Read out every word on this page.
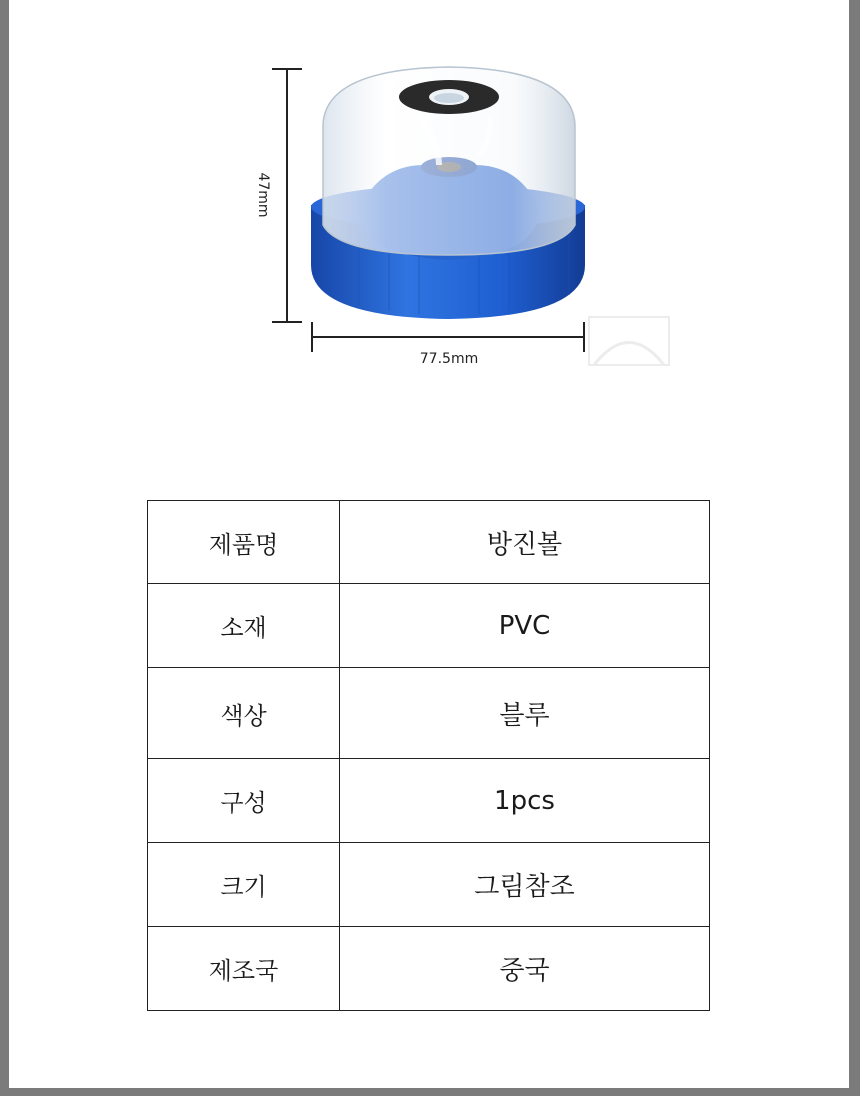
47mm
77.5mm
제품명	방진볼
소재	PVC
색상	블루
구성	1pcs
크기	그림참조
제조국	중국
